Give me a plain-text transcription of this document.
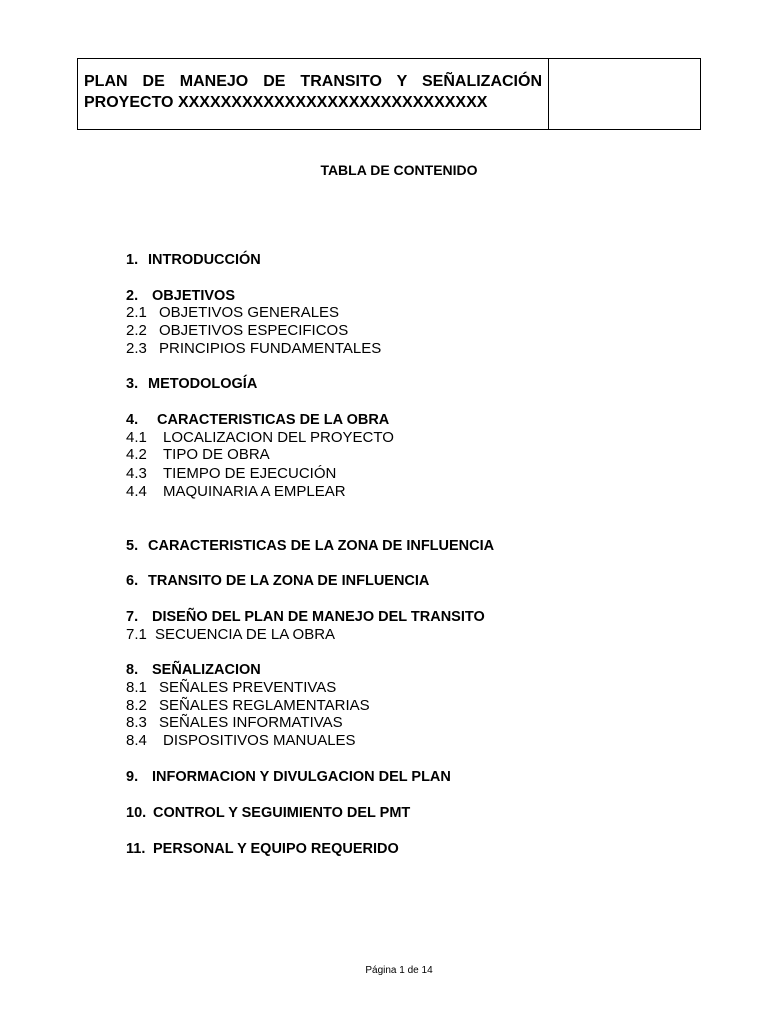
PLAN DE MANEJO DE TRANSITO Y SEÑALIZACIÓN
PROYECTO XXXXXXXXXXXXXXXXXXXXXXXXXXXXX
TABLA DE CONTENIDO
1. INTRODUCCIÓN
2. OBJETIVOS
2.1 OBJETIVOS GENERALES
2.2 OBJETIVOS ESPECIFICOS
2.3 PRINCIPIOS FUNDAMENTALES
3. METODOLOGÍA
4. CARACTERISTICAS DE LA OBRA
4.1 LOCALIZACION DEL PROYECTO
4.2 TIPO DE OBRA
4.3 TIEMPO DE EJECUCIÓN
4.4 MAQUINARIA A EMPLEAR
5. CARACTERISTICAS DE LA ZONA DE INFLUENCIA
6. TRANSITO DE LA ZONA DE INFLUENCIA
7. DISEÑO DEL PLAN DE MANEJO DEL TRANSITO
7.1 SECUENCIA DE LA OBRA
8. SEÑALIZACION
8.1 SEÑALES PREVENTIVAS
8.2 SEÑALES REGLAMENTARIAS
8.3 SEÑALES INFORMATIVAS
8.4 DISPOSITIVOS MANUALES
9. INFORMACION Y DIVULGACION DEL PLAN
10. CONTROL Y SEGUIMIENTO DEL PMT
11. PERSONAL Y EQUIPO REQUERIDO
Página 1 de 14
